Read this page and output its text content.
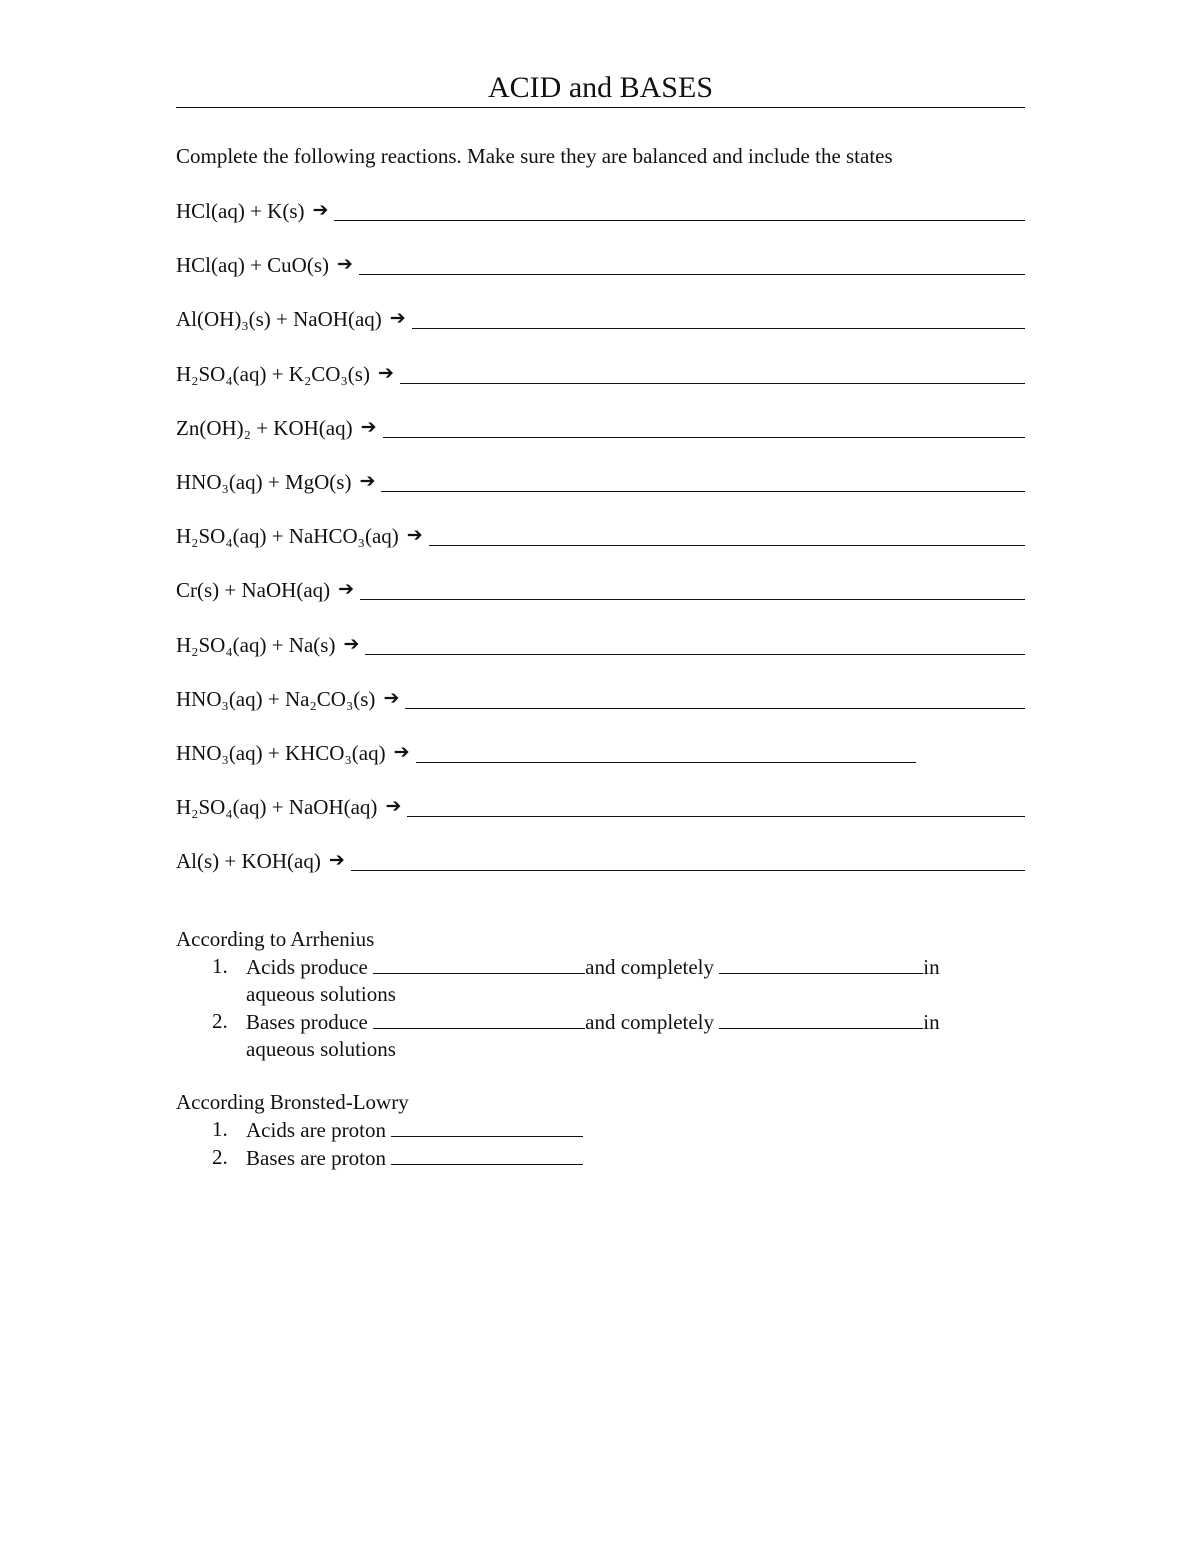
ACID and BASES
Complete the following reactions. Make sure they are balanced and include the states
HCl(aq) + K(s) ➔
HCl(aq) + CuO(s) ➔
Al(OH)₃(s) + NaOH(aq) ➔
H₂SO₄(aq) + K₂CO₃(s) ➔
Zn(OH)₂ + KOH(aq) ➔
HNO₃(aq) + MgO(s) ➔
H₂SO₄(aq) + NaHCO₃(aq) ➔
Cr(s) + NaOH(aq) ➔
H₂SO₄(aq) + Na(s) ➔
HNO₃(aq) + Na₂CO₃(s) ➔
HNO₃(aq) + KHCO₃(aq) ➔
H₂SO₄(aq) + NaOH(aq) ➔
Al(s) + KOH(aq) ➔
According to Arrhenius
1. Acids produce	and completely	in
aqueous solutions
2. Bases produce	and completely	in
aqueous solutions
According Bronsted-Lowry
1. Acids are proton
2. Bases are proton
